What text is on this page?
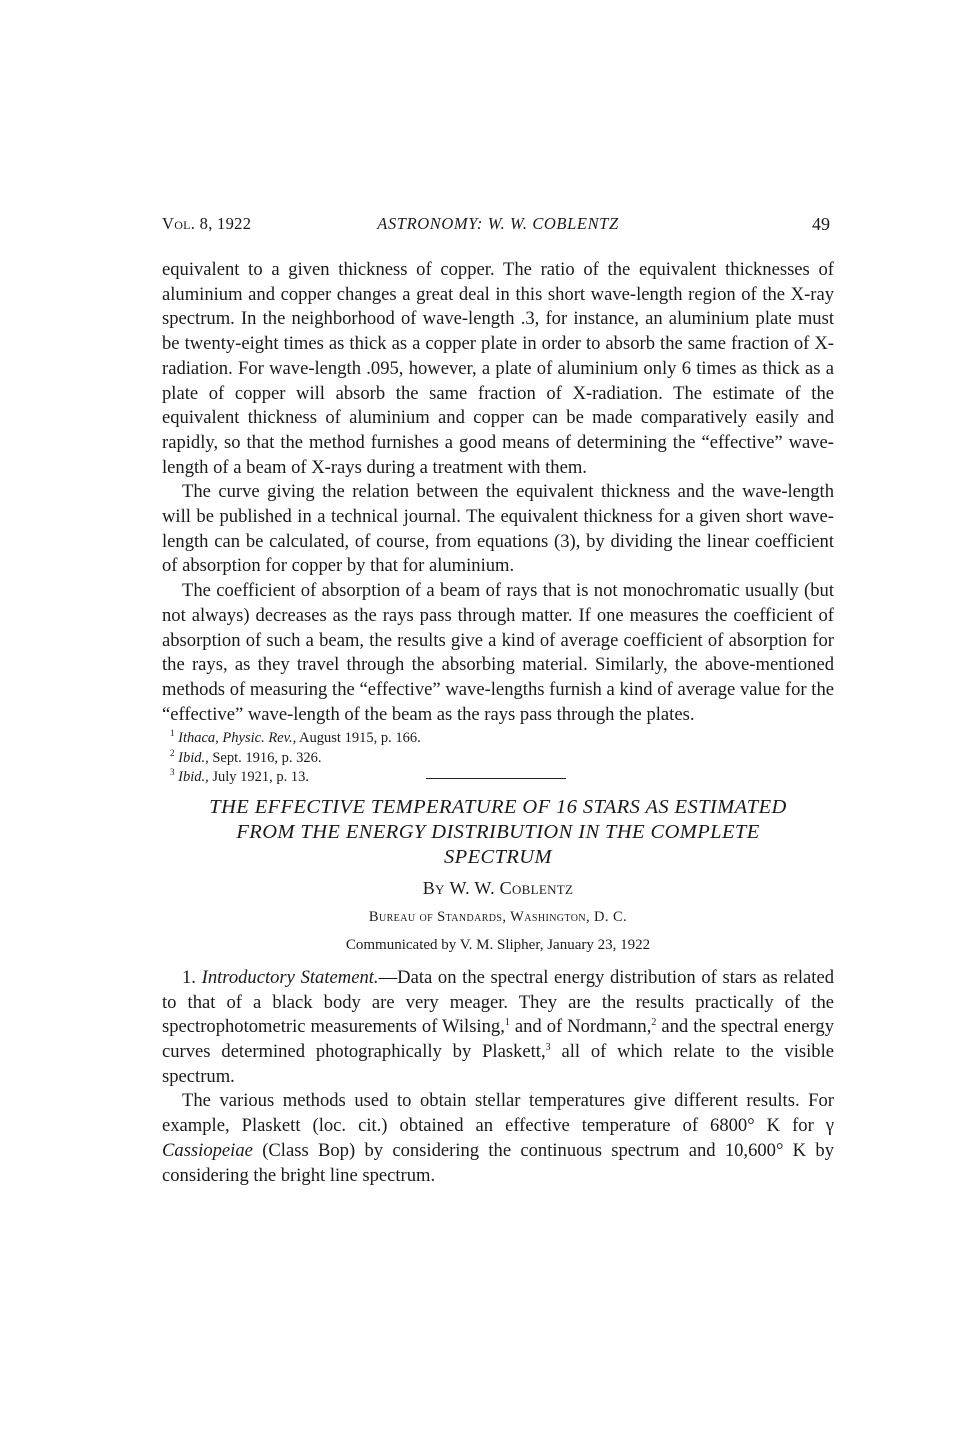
Vol. 8, 1922	ASTRONOMY: W. W. COBLENTZ	49

equivalent to a given thickness of copper. The ratio of the equivalent thicknesses of aluminium and copper changes a great deal in this short wave-length region of the X-ray spectrum. In the neighborhood of wave-length .3, for instance, an aluminium plate must be twenty-eight times as thick as a copper plate in order to absorb the same fraction of X-radiation. For wave-length .095, however, a plate of aluminium only 6 times as thick as a plate of copper will absorb the same fraction of X-radiation. The estimate of the equivalent thickness of aluminium and copper can be made comparatively easily and rapidly, so that the method furnishes a good means of determining the “effective” wave-length of a beam of X-rays during a treatment with them.

The curve giving the relation between the equivalent thickness and the wave-length will be published in a technical journal. The equivalent thickness for a given short wave-length can be calculated, of course, from equations (3), by dividing the linear coefficient of absorption for copper by that for aluminium.

The coefficient of absorption of a beam of rays that is not monochromatic usually (but not always) decreases as the rays pass through matter. If one measures the coefficient of absorption of such a beam, the results give a kind of average coefficient of absorption for the rays, as they travel through the absorbing material. Similarly, the above-mentioned methods of measuring the “effective” wave-lengths furnish a kind of average value for the “effective” wave-length of the beam as the rays pass through the plates.

$^1$ Ithaca, Physic. Rev., August 1915, p. 166.
$^2$ Ibid., Sept. 1916, p. 326.
$^3$ Ibid., July 1921, p. 13.
THE EFFECTIVE TEMPERATURE OF 16 STARS AS ESTIMATED
FROM THE ENERGY DISTRIBUTION IN THE COMPLETE
SPECTRUM
By W. W. Coblentz
Bureau of Standards, Washington, D. C.
Communicated by V. M. Slipher, January 23, 1922

1. Introductory Statement.—Data on the spectral energy distribution of stars as related to that of a black body are very meager. They are the results practically of the spectrophotometric measurements of Wilsing,$^1$ and of Nordmann,$^2$ and the spectral energy curves determined photographically by Plaskett,$^3$ all of which relate to the visible spectrum.

The various methods used to obtain stellar temperatures give different results. For example, Plaskett (loc. cit.) obtained an effective temperature of 6800° K for γ Cassiopeiae (Class Bop) by considering the continuous spectrum and 10,600° K by considering the bright line spectrum.
